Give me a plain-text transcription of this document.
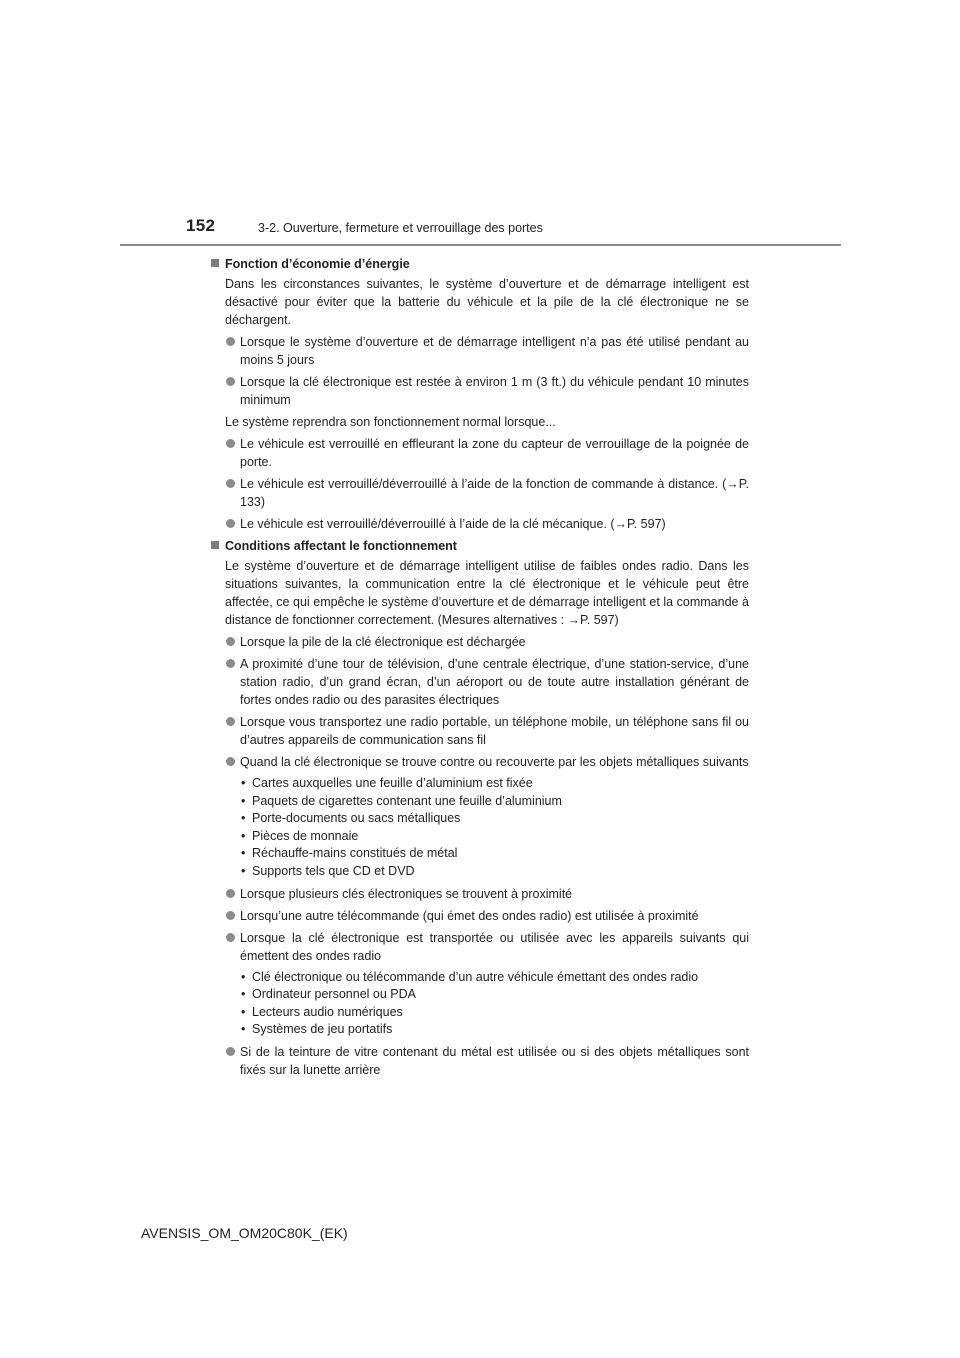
152	3-2. Ouverture, fermeture et verrouillage des portes
Fonction d’économie d’énergie
Dans les circonstances suivantes, le système d’ouverture et de démarrage intelligent est désactivé pour éviter que la batterie du véhicule et la pile de la clé électronique ne se déchargent.
Lorsque le système d’ouverture et de démarrage intelligent n’a pas été utilisé pendant au moins 5 jours
Lorsque la clé électronique est restée à environ 1 m (3 ft.) du véhicule pendant 10 minutes minimum
Le système reprendra son fonctionnement normal lorsque...
Le véhicule est verrouillé en effleurant la zone du capteur de verrouillage de la poignée de porte.
Le véhicule est verrouillé/déverrouillé à l’aide de la fonction de commande à distance. (→P. 133)
Le véhicule est verrouillé/déverrouillé à l’aide de la clé mécanique. (→P. 597)
Conditions affectant le fonctionnement
Le système d’ouverture et de démarrage intelligent utilise de faibles ondes radio. Dans les situations suivantes, la communication entre la clé électronique et le véhicule peut être affectée, ce qui empêche le système d’ouverture et de démarrage intelligent et la commande à distance de fonctionner correctement. (Mesures alternatives : →P. 597)
Lorsque la pile de la clé électronique est déchargée
A proximité d’une tour de télévision, d’une centrale électrique, d’une station-service, d’une station radio, d’un grand écran, d’un aéroport ou de toute autre installation générant de fortes ondes radio ou des parasites électriques
Lorsque vous transportez une radio portable, un téléphone mobile, un téléphone sans fil ou d’autres appareils de communication sans fil
Quand la clé électronique se trouve contre ou recouverte par les objets métalliques suivants
• Cartes auxquelles une feuille d’aluminium est fixée
• Paquets de cigarettes contenant une feuille d’aluminium
• Porte-documents ou sacs métalliques
• Pièces de monnaie
• Réchauffe-mains constitués de métal
• Supports tels que CD et DVD
Lorsque plusieurs clés électroniques se trouvent à proximité
Lorsqu’une autre télécommande (qui émet des ondes radio) est utilisée à proximité
Lorsque la clé électronique est transportée ou utilisée avec les appareils suivants qui émettent des ondes radio
• Clé électronique ou télécommande d’un autre véhicule émettant des ondes radio
• Ordinateur personnel ou PDA
• Lecteurs audio numériques
• Systèmes de jeu portatifs
Si de la teinture de vitre contenant du métal est utilisée ou si des objets métalliques sont fixés sur la lunette arrière
AVENSIS_OM_OM20C80K_(EK)
